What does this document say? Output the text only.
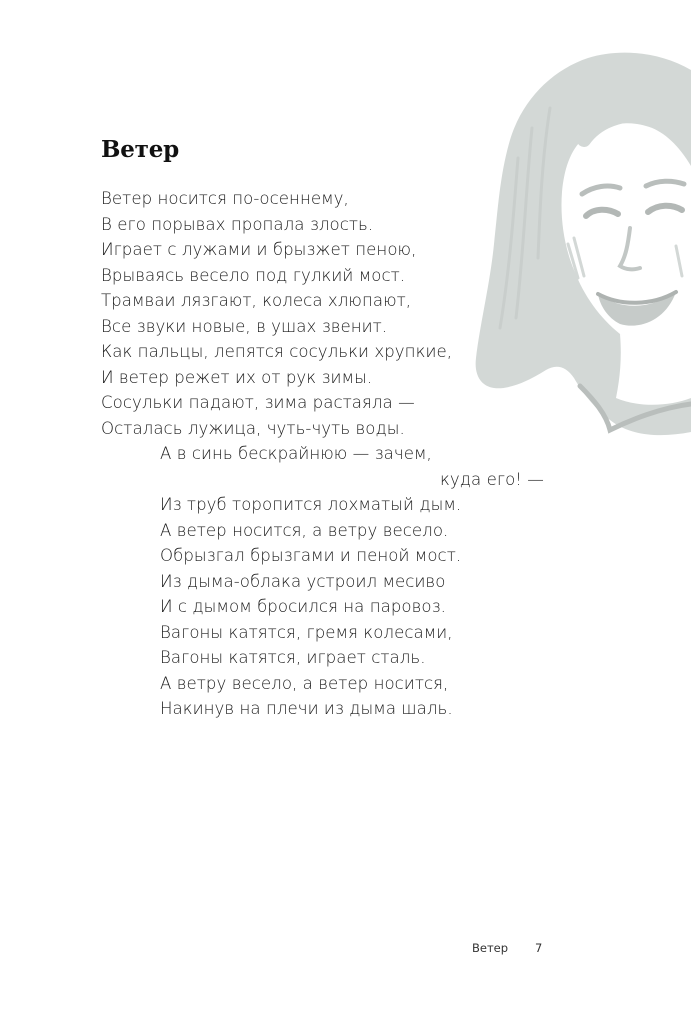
Ветер
Ветер носится по-осеннему,
В его порывах пропала злость.
Играет с лужами и брызжет пеною,
Врываясь весело под гулкий мост.
Трамваи лязгают, колеса хлюпают,
Все звуки новые, в ушах звенит.
Как пальцы, лепятся сосульки хрупкие,
И ветер режет их от рук зимы.
Сосульки падают, зима растаяла —
Осталась лужица, чуть-чуть воды.
А в синь бескрайнюю — зачем,
куда его! —
Из труб торопится лохматый дым.
А ветер носится, а ветру весело.
Обрызгал брызгами и пеной мост.
Из дыма-облака устроил месиво
И с дымом бросился на паровоз.
Вагоны катятся, гремя колесами,
Вагоны катятся, играет сталь.
А ветру весело, а ветер носится,
Накинув на плечи из дыма шаль.
Ветер 7
